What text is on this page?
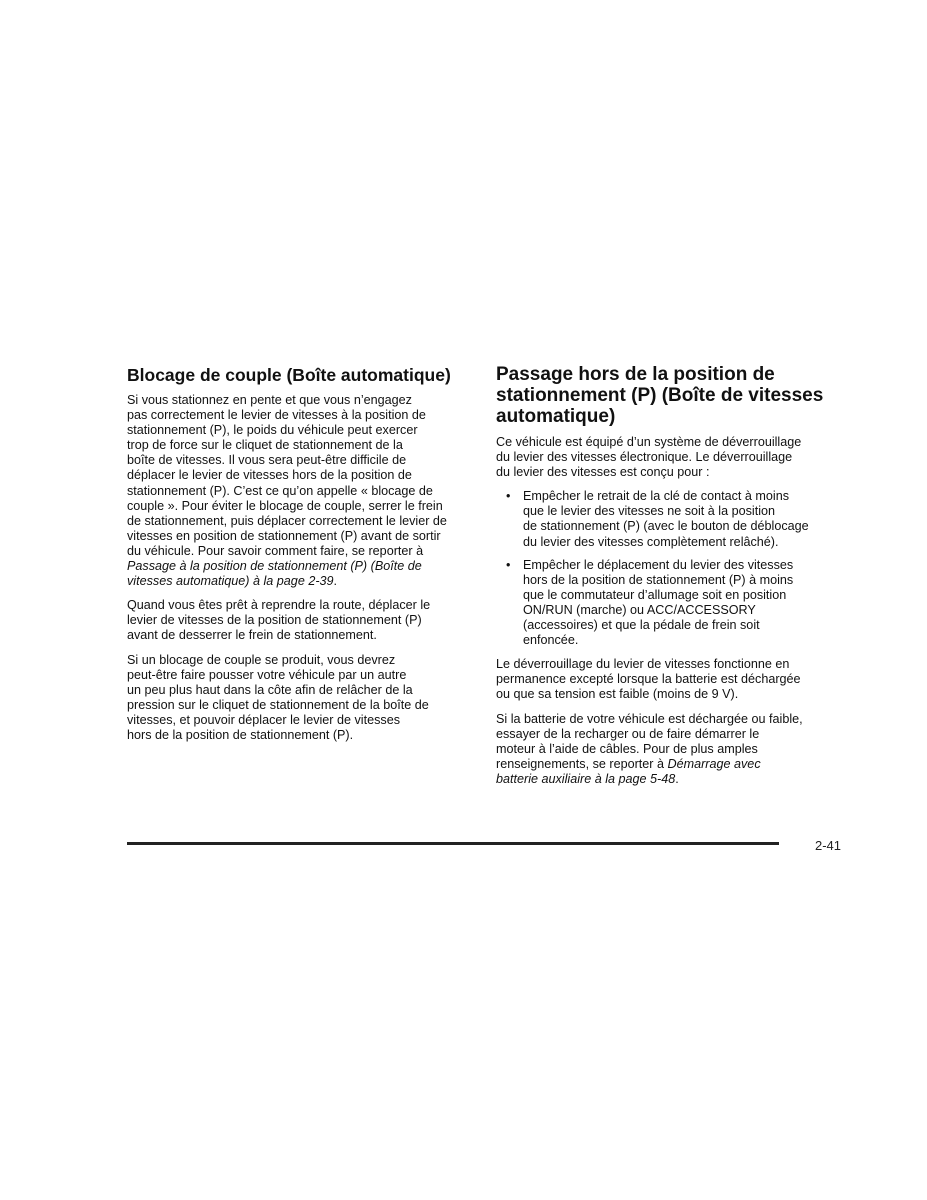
Blocage de couple (Boîte automatique)

Si vous stationnez en pente et que vous n’engagez
pas correctement le levier de vitesses à la position de
stationnement (P), le poids du véhicule peut exercer
trop de force sur le cliquet de stationnement de la
boîte de vitesses. Il vous sera peut-être difficile de
déplacer le levier de vitesses hors de la position de
stationnement (P). C’est ce qu’on appelle « blocage de
couple ». Pour éviter le blocage de couple, serrer le frein
de stationnement, puis déplacer correctement le levier de
vitesses en position de stationnement (P) avant de sortir
du véhicule. Pour savoir comment faire, se reporter à
Passage à la position de stationnement (P) (Boîte de
vitesses automatique) à la page 2-39.

Quand vous êtes prêt à reprendre la route, déplacer le
levier de vitesses de la position de stationnement (P)
avant de desserrer le frein de stationnement.

Si un blocage de couple se produit, vous devrez
peut-être faire pousser votre véhicule par un autre
un peu plus haut dans la côte afin de relâcher de la
pression sur le cliquet de stationnement de la boîte de
vitesses, et pouvoir déplacer le levier de vitesses
hors de la position de stationnement (P).

Passage hors de la position de
stationnement (P) (Boîte de vitesses
automatique)

Ce véhicule est équipé d’un système de déverrouillage
du levier des vitesses électronique. Le déverrouillage
du levier des vitesses est conçu pour :

• Empêcher le retrait de la clé de contact à moins
que le levier des vitesses ne soit à la position
de stationnement (P) (avec le bouton de déblocage
du levier des vitesses complètement relâché).
• Empêcher le déplacement du levier des vitesses
hors de la position de stationnement (P) à moins
que le commutateur d’allumage soit en position
ON/RUN (marche) ou ACC/ACCESSORY
(accessoires) et que la pédale de frein soit
enfoncée.

Le déverrouillage du levier de vitesses fonctionne en
permanence excepté lorsque la batterie est déchargée
ou que sa tension est faible (moins de 9 V).

Si la batterie de votre véhicule est déchargée ou faible,
essayer de la recharger ou de faire démarrer le
moteur à l’aide de câbles. Pour de plus amples
renseignements, se reporter à Démarrage avec
batterie auxiliaire à la page 5-48.

2-41
